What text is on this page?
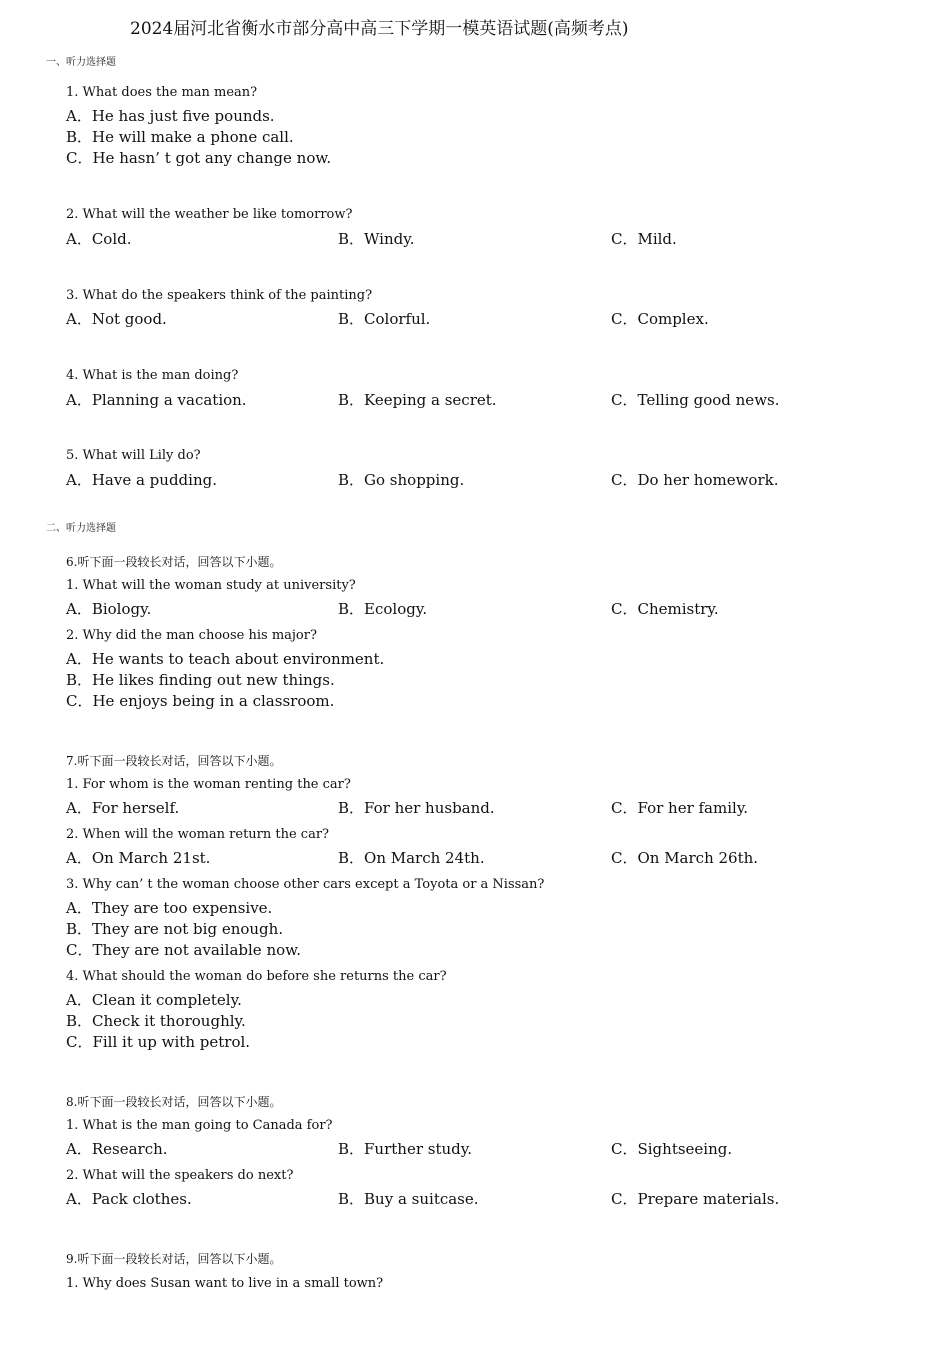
2024届河北省衡水市部分高中高三下学期一模英语试题(高频考点)
一、听力选择题
1. What does the man mean?
A．He has just five pounds.
B．He will make a phone call.
C．He hasn’ t got any change now.
2. What will the weather be like tomorrow?
A．Cold.	B．Windy.	C．Mild.
3. What do the speakers think of the painting?
A．Not good.	B．Colorful.	C．Complex.
4. What is the man doing?
A．Planning a vacation.	B．Keeping a secret.	C．Telling good news.
5. What will Lily do?
A．Have a pudding.	B．Go shopping.	C．Do her homework.
二、听力选择题
6.听下面一段较长对话，回答以下小题。
1. What will the woman study at university?
A．Biology.	B．Ecology.	C．Chemistry.
2. Why did the man choose his major?
A．He wants to teach about environment.
B．He likes finding out new things.
C．He enjoys being in a classroom.
7.听下面一段较长对话，回答以下小题。
1. For whom is the woman renting the car?
A．For herself.	B．For her husband.	C．For her family.
2. When will the woman return the car?
A．On March 21st.	B．On March 24th.	C．On March 26th.
3. Why can’ t the woman choose other cars except a Toyota or a Nissan?
A．They are too expensive.
B．They are not big enough.
C．They are not available now.
4. What should the woman do before she returns the car?
A．Clean it completely.
B．Check it thoroughly.
C．Fill it up with petrol.
8.听下面一段较长对话，回答以下小题。
1. What is the man going to Canada for?
A．Research.	B．Further study.	C．Sightseeing.
2. What will the speakers do next?
A．Pack clothes.	B．Buy a suitcase.	C．Prepare materials.
9.听下面一段较长对话，回答以下小题。
1. Why does Susan want to live in a small town?
